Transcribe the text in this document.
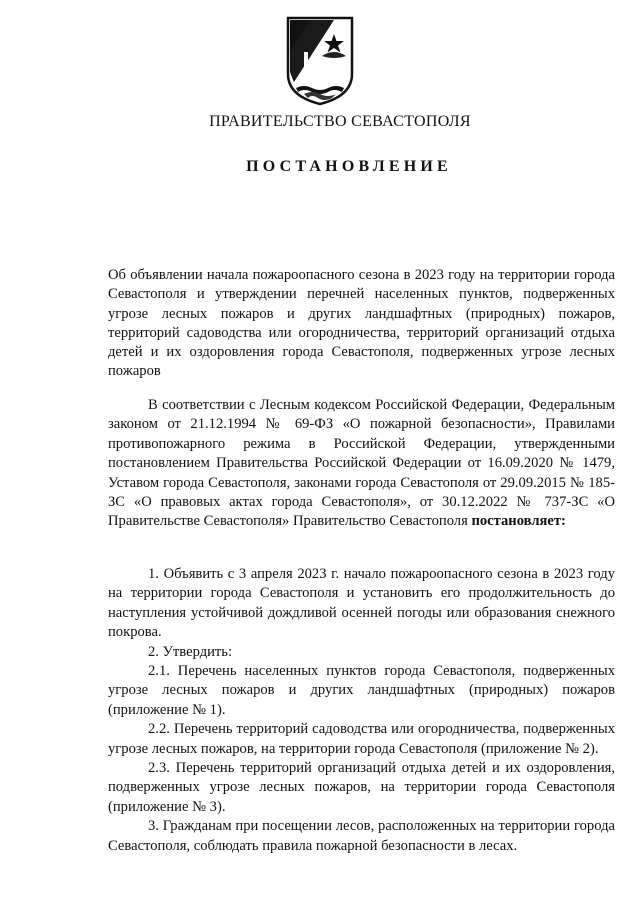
ПРАВИТЕЛЬСТВО СЕВАСТОПОЛЯ
ПОСТАНОВЛЕНИЕ
Об объявлении начала пожароопасного сезона в 2023 году на территории города Севастополя и утверждении перечней населенных пунктов, подверженных угрозе лесных пожаров и других ландшафтных (природных) пожаров, территорий садоводства или огородничества, территорий организаций отдыха детей и их оздоровления города Севастополя, подверженных угрозе лесных пожаров
В соответствии с Лесным кодексом Российской Федерации, Федеральным законом от 21.12.1994 № 69-ФЗ «О пожарной безопасности», Правилами противопожарного режима в Российской Федерации, утвержденными постановлением Правительства Российской Федерации от 16.09.2020 № 1479, Уставом города Севастополя, законами города Севастополя от 29.09.2015 № 185-ЗС «О правовых актах города Севастополя», от 30.12.2022 № 737-ЗС «О Правительстве Севастополя» Правительство Севастополя постановляет:

1. Объявить с 3 апреля 2023 г. начало пожароопасного сезона в 2023 году на территории города Севастополя и установить его продолжительность до наступления устойчивой дождливой осенней погоды или образования снежного покрова.

2. Утвердить:

2.1. Перечень населенных пунктов города Севастополя, подверженных угрозе лесных пожаров и других ландшафтных (природных) пожаров (приложение № 1).

2.2. Перечень территорий садоводства или огородничества, подверженных угрозе лесных пожаров, на территории города Севастополя (приложение № 2).

2.3. Перечень территорий организаций отдыха детей и их оздоровления, подверженных угрозе лесных пожаров, на территории города Севастополя (приложение № 3).

3. Гражданам при посещении лесов, расположенных на территории города Севастополя, соблюдать правила пожарной безопасности в лесах.
